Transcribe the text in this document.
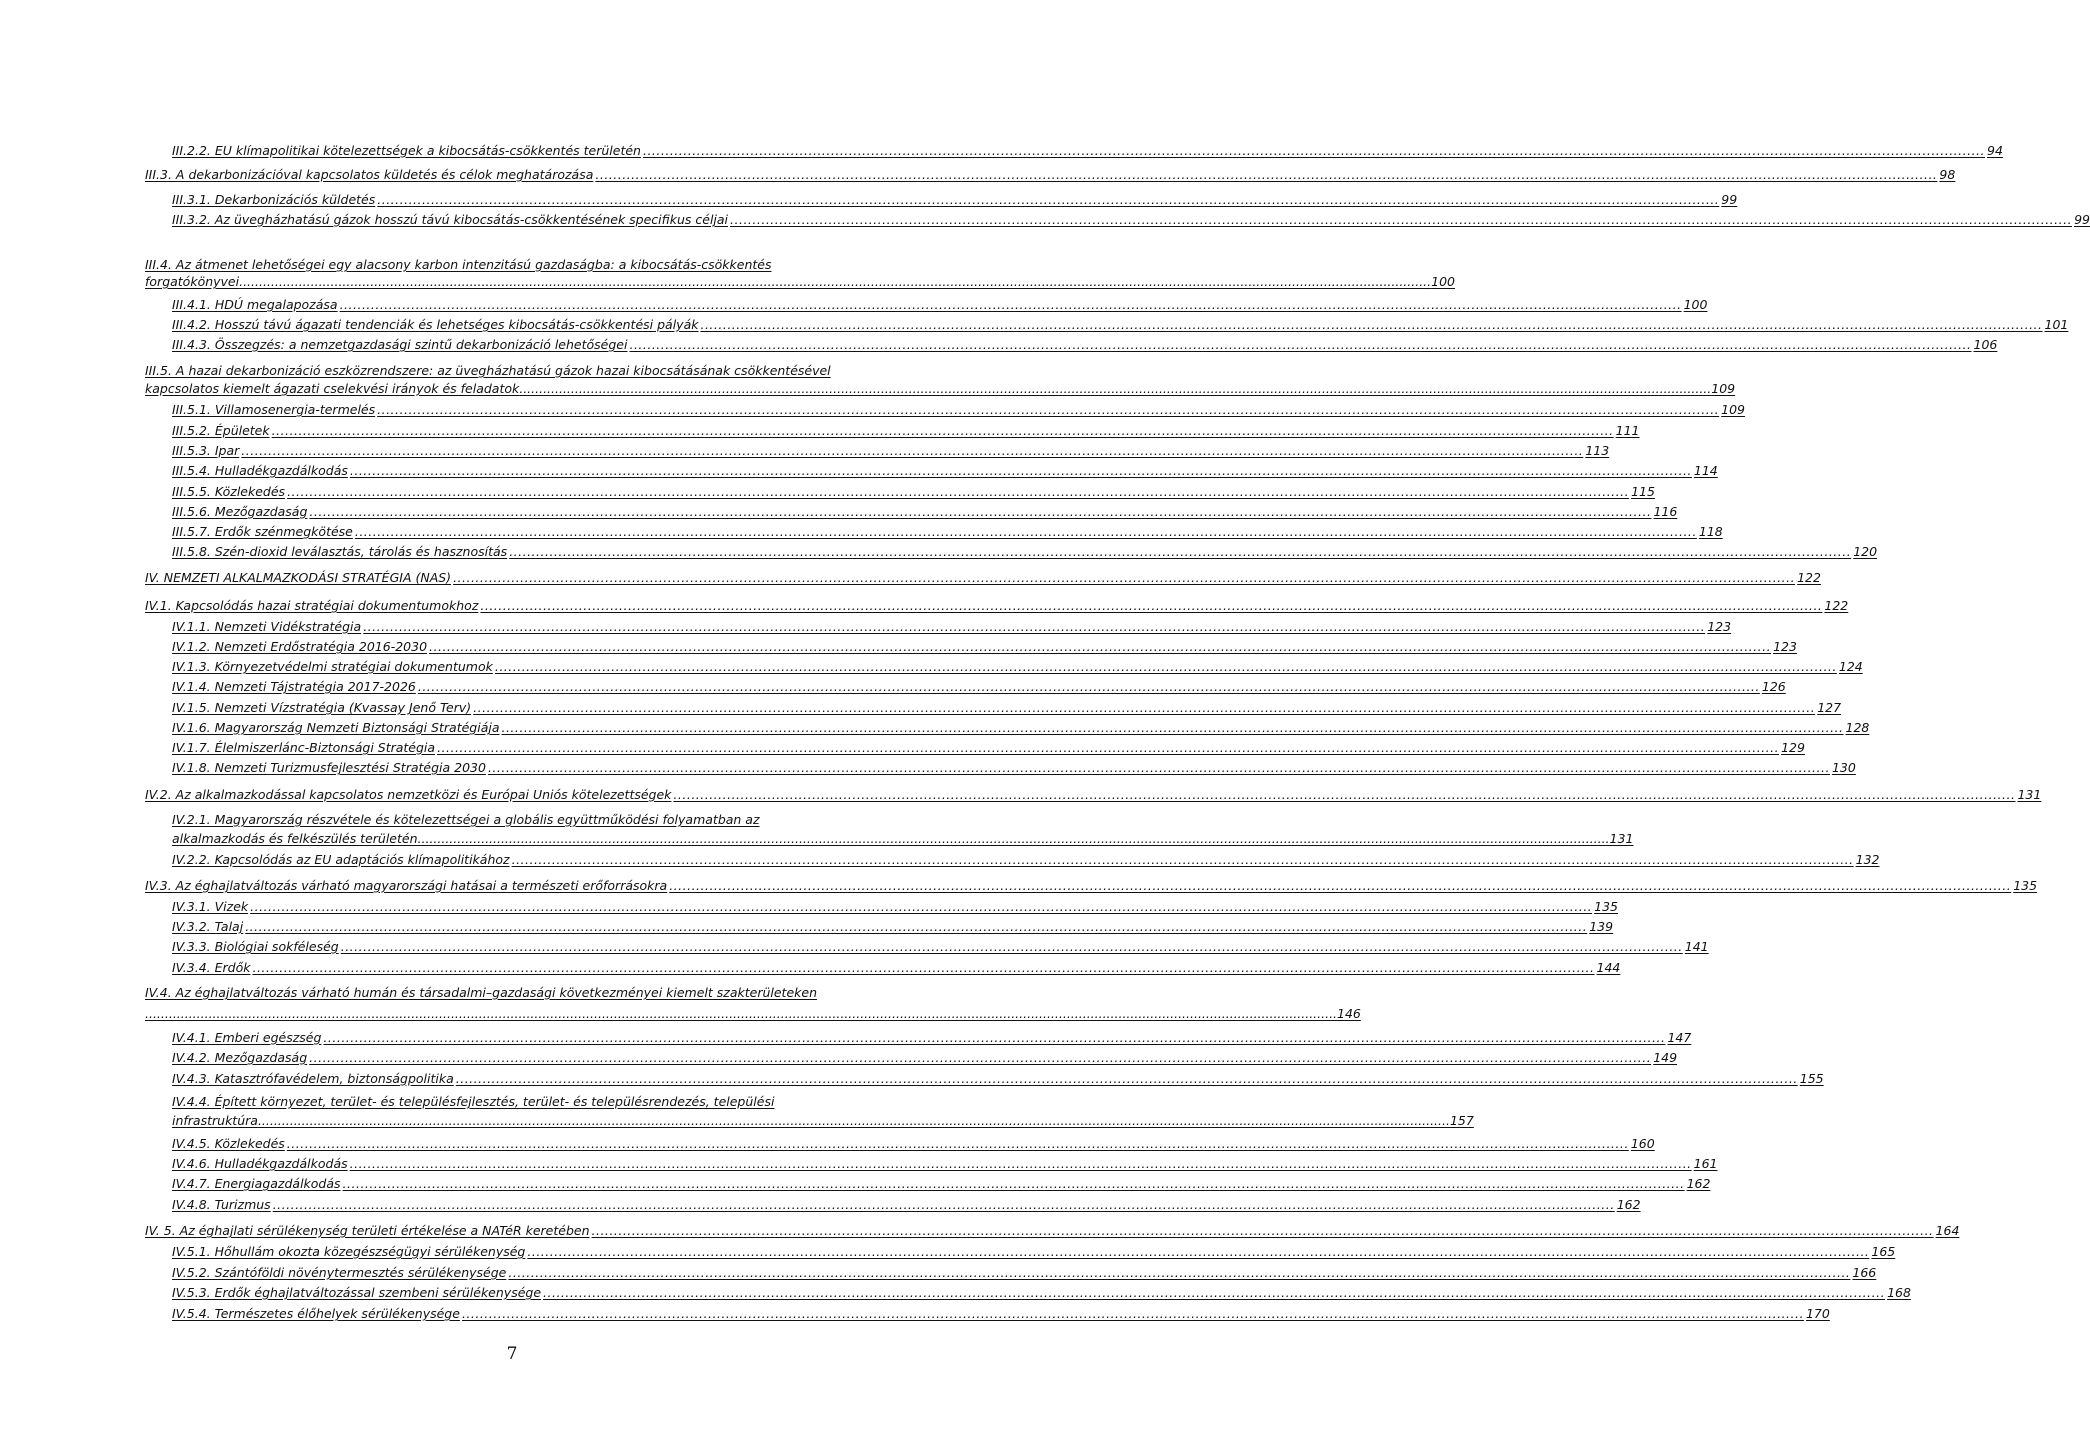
III.2.2. EU klímapolitikai kötelezettségek a kibocsátás-csökkentés területén ............................................................................................................................................................................................................................................................................................................ 94
III.3. A dekarbonizációval kapcsolatos küldetés és célok meghatározása ............................................................................................................................................................................................................................................................................................................ 98
III.3.1. Dekarbonizációs küldetés ............................................................................................................................................................................................................................................................................................................ 99
III.3.2. Az üvegházhatású gázok hosszú távú kibocsátás-csökkentésének specifikus céljai ............................................................................................................................................................................................................................................................................................................ 99
III.4. Az átmenet lehetőségei egy alacsony karbon intenzitású gazdaságba: a kibocsátás-csökkentés
forgatókönyvei ............................................................................................................................................................................................................................................................................................................ 100
III.4.1. HDÚ megalapozása ............................................................................................................................................................................................................................................................................................................ 100
III.4.2. Hosszú távú ágazati tendenciák és lehetséges kibocsátás-csökkentési pályák ............................................................................................................................................................................................................................................................................................................ 101
III.4.3. Összegzés: a nemzetgazdasági szintű dekarbonizáció lehetőségei ............................................................................................................................................................................................................................................................................................................ 106
III.5. A hazai dekarbonizáció eszközrendszere: az üvegházhatású gázok hazai kibocsátásának csökkentésével
kapcsolatos kiemelt ágazati cselekvési irányok és feladatok ............................................................................................................................................................................................................................................................................................................ 109
III.5.1. Villamosenergia-termelés ............................................................................................................................................................................................................................................................................................................ 109
III.5.2. Épületek ............................................................................................................................................................................................................................................................................................................ 111
III.5.3. Ipar ............................................................................................................................................................................................................................................................................................................ 113
III.5.4. Hulladékgazdálkodás ............................................................................................................................................................................................................................................................................................................ 114
III.5.5. Közlekedés ............................................................................................................................................................................................................................................................................................................ 115
III.5.6. Mezőgazdaság ............................................................................................................................................................................................................................................................................................................ 116
III.5.7. Erdők szénmegkötése ............................................................................................................................................................................................................................................................................................................ 118
III.5.8. Szén-dioxid leválasztás, tárolás és hasznosítás ............................................................................................................................................................................................................................................................................................................ 120
IV. NEMZETI ALKALMAZKODÁSI STRATÉGIA (NAS) ............................................................................................................................................................................................................................................................................................................ 122
IV.1. Kapcsolódás hazai stratégiai dokumentumokhoz ............................................................................................................................................................................................................................................................................................................ 122
IV.1.1. Nemzeti Vidékstratégia ............................................................................................................................................................................................................................................................................................................ 123
IV.1.2. Nemzeti Erdőstratégia 2016-2030 ............................................................................................................................................................................................................................................................................................................ 123
IV.1.3. Környezetvédelmi stratégiai dokumentumok ............................................................................................................................................................................................................................................................................................................ 124
IV.1.4. Nemzeti Tájstratégia 2017-2026 ............................................................................................................................................................................................................................................................................................................ 126
IV.1.5. Nemzeti Vízstratégia (Kvassay Jenő Terv) ............................................................................................................................................................................................................................................................................................................ 127
IV.1.6. Magyarország Nemzeti Biztonsági Stratégiája ............................................................................................................................................................................................................................................................................................................ 128
IV.1.7. Élelmiszerlánc-Biztonsági Stratégia ............................................................................................................................................................................................................................................................................................................ 129
IV.1.8. Nemzeti Turizmusfejlesztési Stratégia 2030 ............................................................................................................................................................................................................................................................................................................ 130
IV.2. Az alkalmazkodással kapcsolatos nemzetközi és Európai Uniós kötelezettségek ............................................................................................................................................................................................................................................................................................................ 131
IV.2.1. Magyarország részvétele és kötelezettségei a globális együttműködési folyamatban az
alkalmazkodás és felkészülés területén ............................................................................................................................................................................................................................................................................................................ 131
IV.2.2. Kapcsolódás az EU adaptációs klímapolitikához ............................................................................................................................................................................................................................................................................................................ 132
IV.3. Az éghajlatváltozás várható magyarországi hatásai a természeti erőforrásokra ............................................................................................................................................................................................................................................................................................................ 135
IV.3.1. Vizek ............................................................................................................................................................................................................................................................................................................ 135
IV.3.2. Talaj ............................................................................................................................................................................................................................................................................................................ 139
IV.3.3. Biológiai sokféleség ............................................................................................................................................................................................................................................................................................................ 141
IV.3.4. Erdők ............................................................................................................................................................................................................................................................................................................ 144
IV.4. Az éghajlatváltozás várható humán és társadalmi–gazdasági következményei kiemelt szakterületeken
............................................................................................................................................................................................................................................................................................................ 146
IV.4.1. Emberi egészség ............................................................................................................................................................................................................................................................................................................ 147
IV.4.2. Mezőgazdaság ............................................................................................................................................................................................................................................................................................................ 149
IV.4.3. Katasztrófavédelem, biztonságpolitika ............................................................................................................................................................................................................................................................................................................ 155
IV.4.4. Épített környezet, terület- és településfejlesztés, terület- és településrendezés, települési
infrastruktúra ............................................................................................................................................................................................................................................................................................................ 157
IV.4.5. Közlekedés ............................................................................................................................................................................................................................................................................................................ 160
IV.4.6. Hulladékgazdálkodás ............................................................................................................................................................................................................................................................................................................ 161
IV.4.7. Energiagazdálkodás ............................................................................................................................................................................................................................................................................................................ 162
IV.4.8. Turizmus ............................................................................................................................................................................................................................................................................................................ 162
IV. 5. Az éghajlati sérülékenység területi értékelése a NATéR keretében ............................................................................................................................................................................................................................................................................................................ 164
IV.5.1. Hőhullám okozta közegészségügyi sérülékenység ............................................................................................................................................................................................................................................................................................................ 165
IV.5.2. Szántóföldi növénytermesztés sérülékenysége ............................................................................................................................................................................................................................................................................................................ 166
IV.5.3. Erdők éghajlatváltozással szembeni sérülékenysége ............................................................................................................................................................................................................................................................................................................ 168
IV.5.4. Természetes élőhelyek sérülékenysége ............................................................................................................................................................................................................................................................................................................ 170
7
